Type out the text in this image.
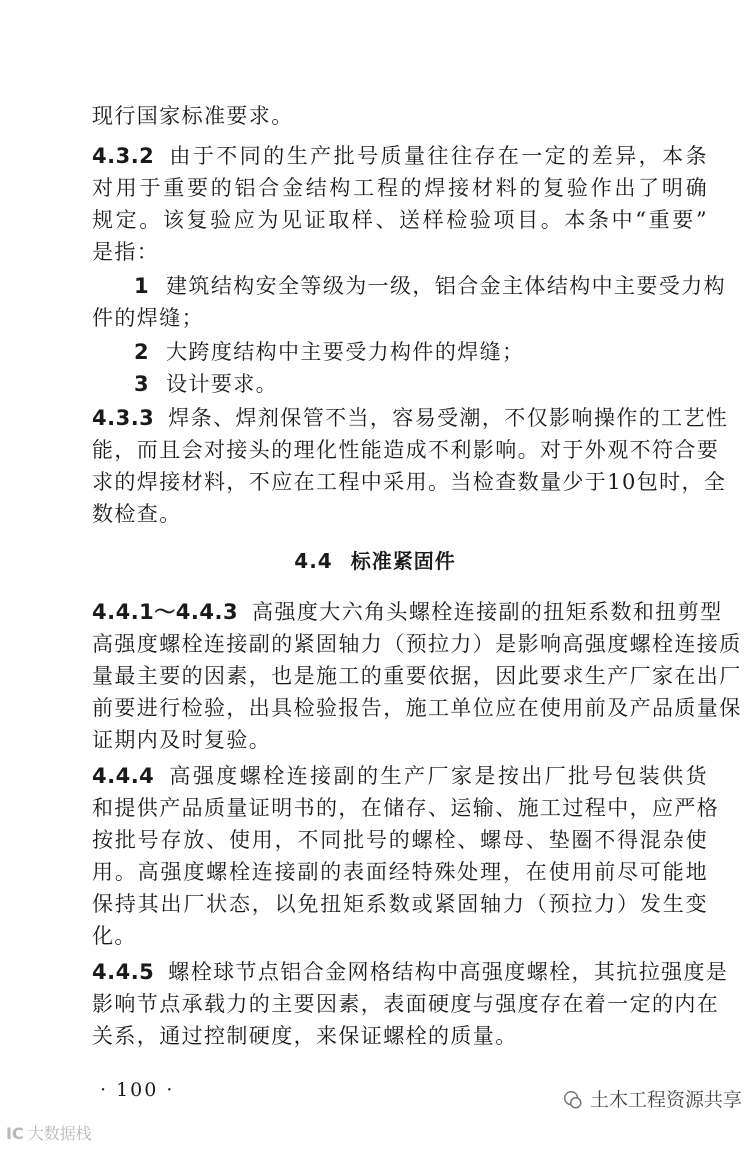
现行国家标准要求。
4.3.2 由于不同的生产批号质量往往存在一定的差异，本条
对用于重要的铝合金结构工程的焊接材料的复验作出了明确
规定。该复验应为见证取样、送样检验项目。本条中“重要”
是指：
1 建筑结构安全等级为一级，铝合金主体结构中主要受力构
件的焊缝；
2 大跨度结构中主要受力构件的焊缝；
3 设计要求。
4.3.3 焊条、焊剂保管不当，容易受潮，不仅影响操作的工艺性
能，而且会对接头的理化性能造成不利影响。对于外观不符合要
求的焊接材料，不应在工程中采用。当检查数量少于10包时，全
数检查。
4.4 标准紧固件
4.4.1～4.4.3 高强度大六角头螺栓连接副的扭矩系数和扭剪型
高强度螺栓连接副的紧固轴力（预拉力）是影响高强度螺栓连接质
量最主要的因素，也是施工的重要依据，因此要求生产厂家在出厂
前要进行检验，出具检验报告，施工单位应在使用前及产品质量保
证期内及时复验。
4.4.4 高强度螺栓连接副的生产厂家是按出厂批号包装供货
和提供产品质量证明书的，在储存、运输、施工过程中，应严格
按批号存放、使用，不同批号的螺栓、螺母、垫圈不得混杂使
用。高强度螺栓连接副的表面经特殊处理，在使用前尽可能地
保持其出厂状态，以免扭矩系数或紧固轴力（预拉力）发生变
化。
4.4.5 螺栓球节点铝合金网格结构中高强度螺栓，其抗拉强度是
影响节点承载力的主要因素，表面硬度与强度存在着一定的内在
关系，通过控制硬度，来保证螺栓的质量。
· 100 ·	土木工程资源共享
IC 大数据栈
